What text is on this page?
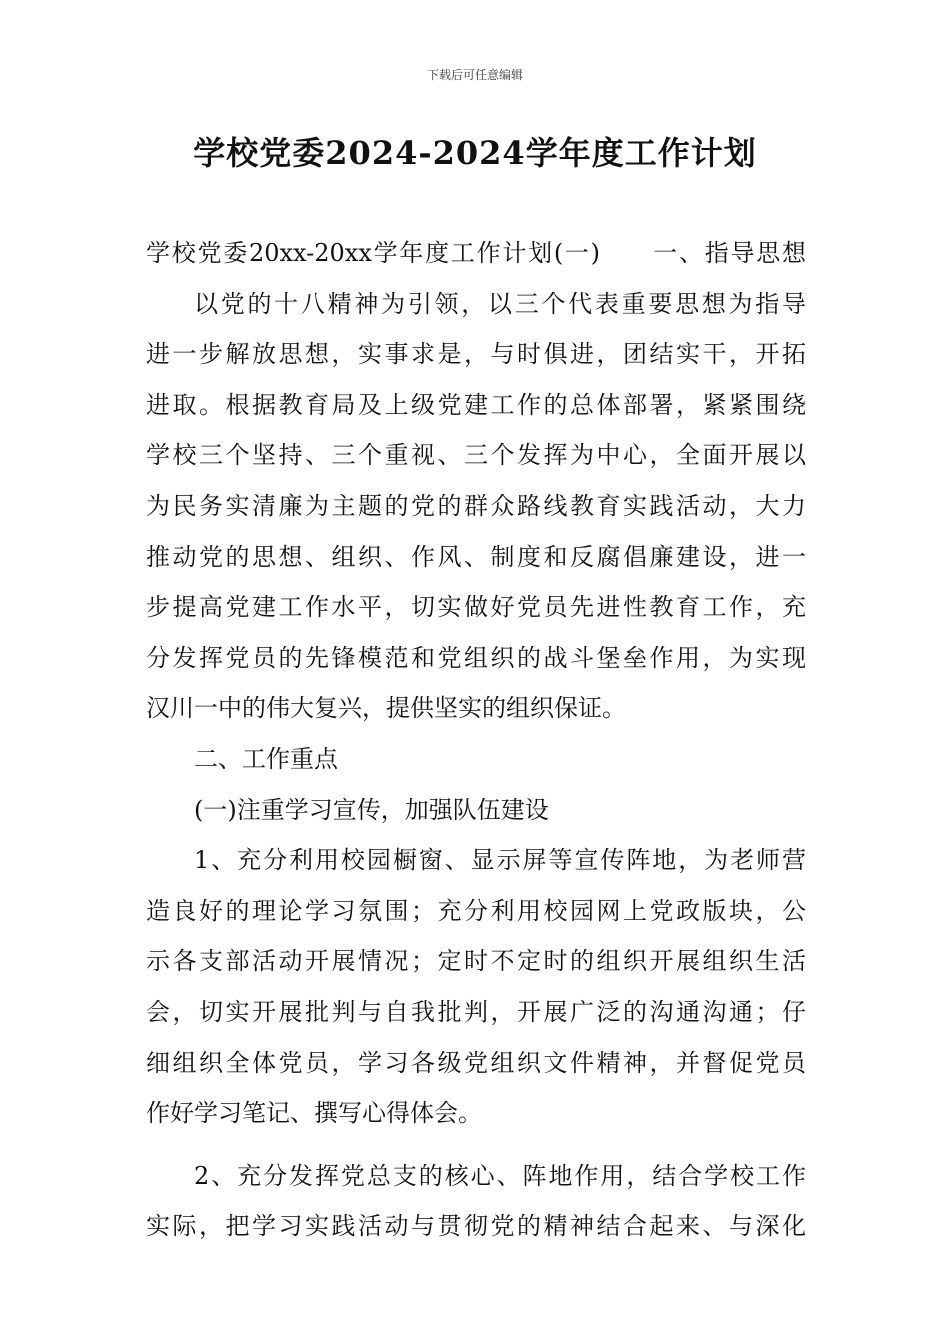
下载后可任意编辑
学校党委2024-2024学年度工作计划
学校党委20xx-20xx学年度工作计划(一)　　一、指导思想
以党的十八精神为引领，以三个代表重要思想为指导
进一步解放思想，实事求是，与时俱进，团结实干，开拓
进取。根据教育局及上级党建工作的总体部署，紧紧围绕
学校三个坚持、三个重视、三个发挥为中心，全面开展以
为民务实清廉为主题的党的群众路线教育实践活动，大力
推动党的思想、组织、作风、制度和反腐倡廉建设，进一
步提高党建工作水平，切实做好党员先进性教育工作，充
分发挥党员的先锋模范和党组织的战斗堡垒作用，为实现
汉川一中的伟大复兴，提供坚实的组织保证。
二、工作重点
(一)注重学习宣传，加强队伍建设
1、充分利用校园橱窗、显示屏等宣传阵地，为老师营
造良好的理论学习氛围；充分利用校园网上党政版块，公
示各支部活动开展情况；定时不定时的组织开展组织生活
会，切实开展批判与自我批判，开展广泛的沟通沟通；仔
细组织全体党员，学习各级党组织文件精神，并督促党员
作好学习笔记、撰写心得体会。
2、充分发挥党总支的核心、阵地作用，结合学校工作
实际，把学习实践活动与贯彻党的精神结合起来、与深化
